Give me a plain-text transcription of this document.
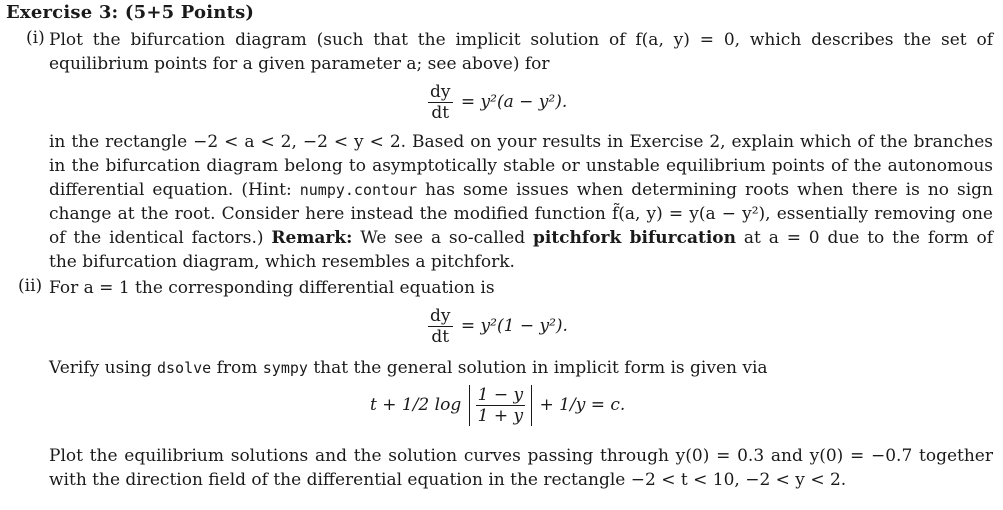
Exercise 3: (5+5 Points)
(i) Plot the bifurcation diagram (such that the implicit solution of f(a, y) = 0, which describes the set of
equilibrium points for a given parameter a; see above) for
$\frac{dy}{dt} = y^2(a - y^2)$.
in the rectangle −2 < a < 2, −2 < y < 2. Based on your results in Exercise 2, explain which of the branches
in the bifurcation diagram belong to asymptotically stable or unstable equilibrium points of the autonomous
differential equation. (Hint: numpy.contour has some issues when determining roots when there is no sign
change at the root. Consider here instead the modified function f̃(a, y) = y(a − y²), essentially removing one
of the identical factors.) Remark: We see a so-called pitchfork bifurcation at a = 0 due to the form of
the bifurcation diagram, which resembles a pitchfork.
(ii) For a = 1 the corresponding differential equation is
$\frac{dy}{dt} = y^2(1 - y^2)$.
Verify using dsolve from sympy that the general solution in implicit form is given via
t + 1/2 $\log \frac{1 - y}{1 + y} + 1/y = c$.
Plot the equilibrium solutions and the solution curves passing through y(0) = 0.3 and y(0) = −0.7 together
with the direction field of the differential equation in the rectangle −2 < t < 10, −2 < y < 2.
